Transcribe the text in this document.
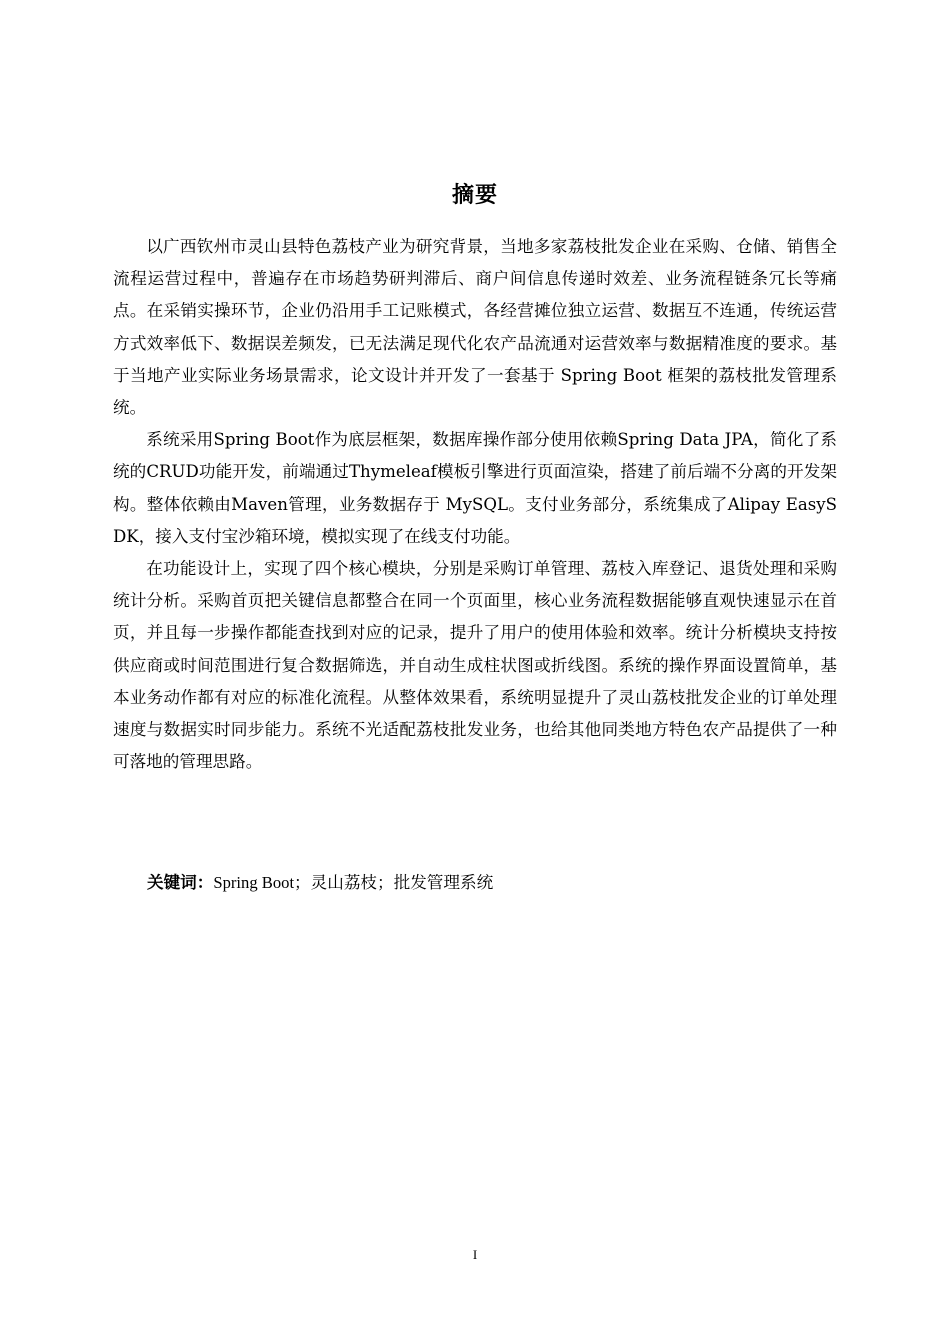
摘要

以广西钦州市灵山县特色荔枝产业为研究背景，当地多家荔枝批发企业在采购、仓储、销售全流程运营过程中，普遍存在市场趋势研判滞后、商户间信息传递时效差、业务流程链条冗长等痛点。在采销实操环节，企业仍沿用手工记账模式，各经营摊位独立运营、数据互不连通，传统运营方式效率低下、数据误差频发，已无法满足现代化农产品流通对运营效率与数据精准度的要求。基于当地产业实际业务场景需求，论文设计并开发了一套基于 Spring Boot 框架的荔枝批发管理系统。

系统采用Spring Boot作为底层框架，数据库操作部分使用依赖Spring Data JPA，简化了系统的CRUD功能开发，前端通过Thymeleaf模板引擎进行页面渲染，搭建了前后端不分离的开发架构。整体依赖由Maven管理，业务数据存于 MySQL。支付业务部分，系统集成了Alipay EasySDK，接入支付宝沙箱环境，模拟实现了在线支付功能。

在功能设计上，实现了四个核心模块，分别是采购订单管理、荔枝入库登记、退货处理和采购统计分析。采购首页把关键信息都整合在同一个页面里，核心业务流程数据能够直观快速显示在首页，并且每一步操作都能查找到对应的记录，提升了用户的使用体验和效率。统计分析模块支持按供应商或时间范围进行复合数据筛选，并自动生成柱状图或折线图。系统的操作界面设置简单，基本业务动作都有对应的标准化流程。从整体效果看，系统明显提升了灵山荔枝批发企业的订单处理速度与数据实时同步能力。系统不光适配荔枝批发业务，也给其他同类地方特色农产品提供了一种可落地的管理思路。

关键词：Spring Boot；灵山荔枝；批发管理系统
I
